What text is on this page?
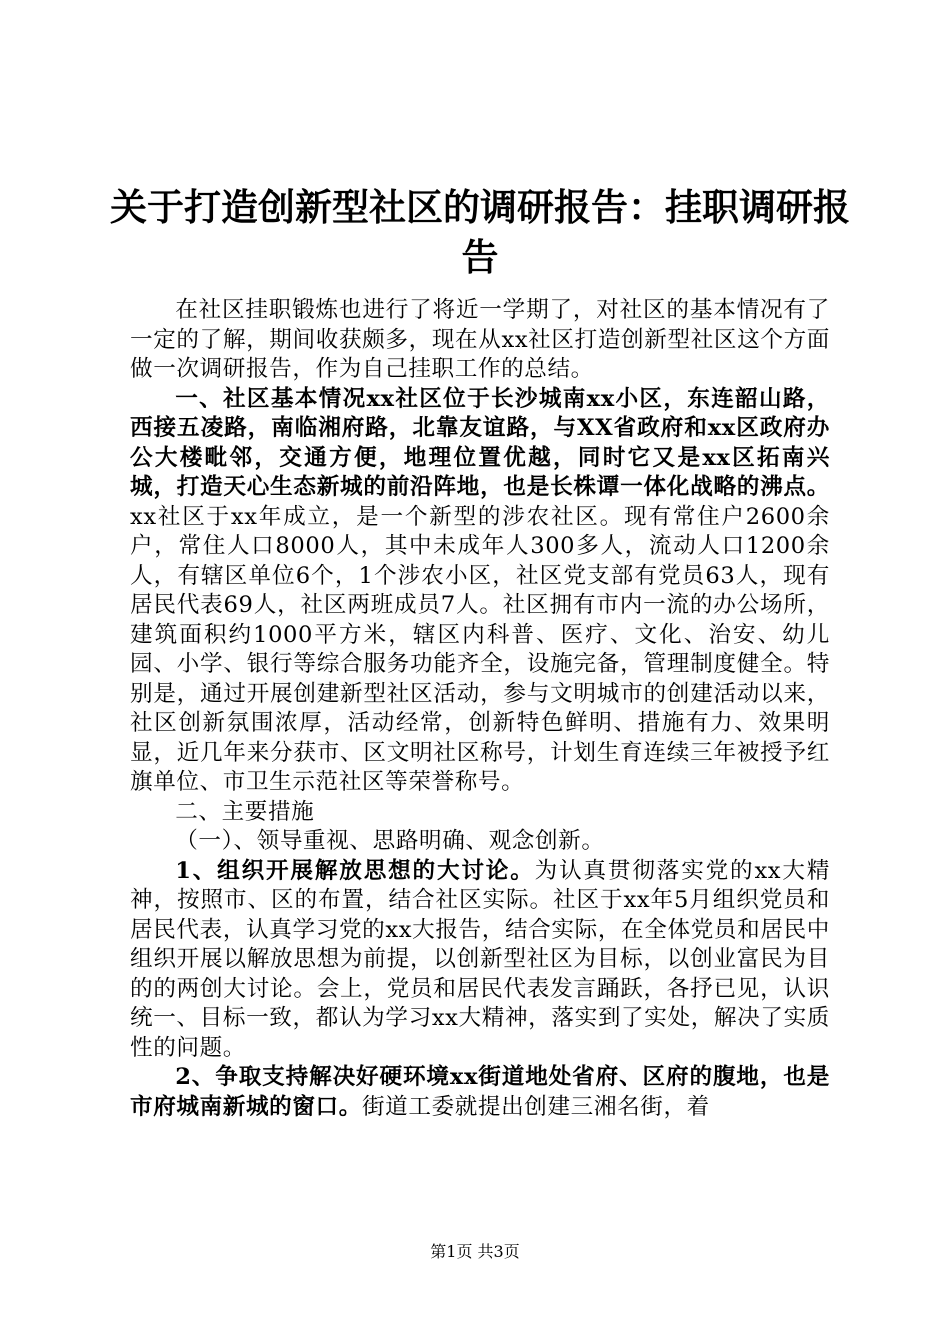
关于打造创新型社区的调研报告：挂职调研报告

在社区挂职锻炼也进行了将近一学期了，对社区的基本情况有了一定的了解，期间收获颇多，现在从xx社区打造创新型社区这个方面做一次调研报告，作为自己挂职工作的总结。

一、社区基本情况xx社区位于长沙城南xx小区，东连韶山路，西接五凌路，南临湘府路，北靠友谊路，与XX省政府和xx区政府办公大楼毗邻，交通方便，地理位置优越，同时它又是xx区拓南兴城，打造天心生态新城的前沿阵地，也是长株谭一体化战略的沸点。xx社区于xx年成立，是一个新型的涉农社区。现有常住户2600余户，常住人口8000人，其中未成年人300多人，流动人口1200余人，有辖区单位6个，1个涉农小区，社区党支部有党员63人，现有居民代表69人，社区两班成员7人。社区拥有市内一流的办公场所，建筑面积约1000平方米，辖区内科普、医疗、文化、治安、幼儿园、小学、银行等综合服务功能齐全，设施完备，管理制度健全。特别是，通过开展创建新型社区活动，参与文明城市的创建活动以来，社区创新氛围浓厚，活动经常，创新特色鲜明、措施有力、效果明显，近几年来分获市、区文明社区称号，计划生育连续三年被授予红旗单位、市卫生示范社区等荣誉称号。

二、主要措施

（一）、领导重视、思路明确、观念创新。

1、组织开展解放思想的大讨论。为认真贯彻落实党的xx大精神，按照市、区的布置，结合社区实际。社区于xx年5月组织党员和居民代表，认真学习党的xx大报告，结合实际，在全体党员和居民中组织开展以解放思想为前提，以创新型社区为目标，以创业富民为目的的两创大讨论。会上，党员和居民代表发言踊跃，各抒已见，认识统一、目标一致，都认为学习xx大精神，落实到了实处，解决了实质性的问题。

2、争取支持解决好硬环境xx街道地处省府、区府的腹地，也是市府城南新城的窗口。街道工委就提出创建三湘名街，着

第1页 共3页
